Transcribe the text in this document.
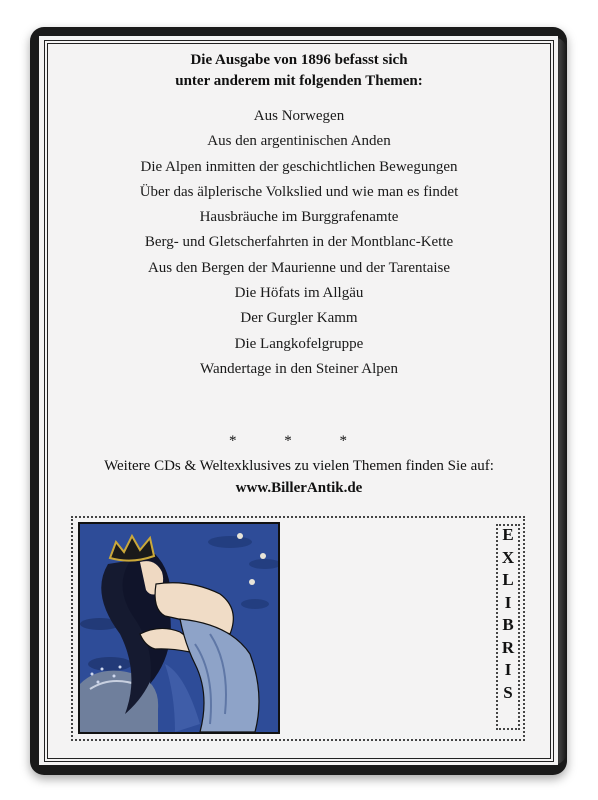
Die Ausgabe von 1896 befasst sich
unter anderem mit folgenden Themen:
Aus Norwegen
Aus den argentinischen Anden
Die Alpen inmitten der geschichtlichen Bewegungen
Über das älplerische Volkslied und wie man es findet
Hausbräuche im Burggrafenamte
Berg- und Gletscherfahrten in der Montblanc-Kette
Aus den Bergen der Maurienne und der Tarentaise
Die Höfats im Allgäu
Der Gurgler Kamm
Die Langkofelgruppe
Wandertage in den Steiner Alpen
* * *
Weitere CDs & Weltexklusives zu vielen Themen finden Sie auf:
www.BillerAntik.de
E
X
L
I
B
R
I
S
